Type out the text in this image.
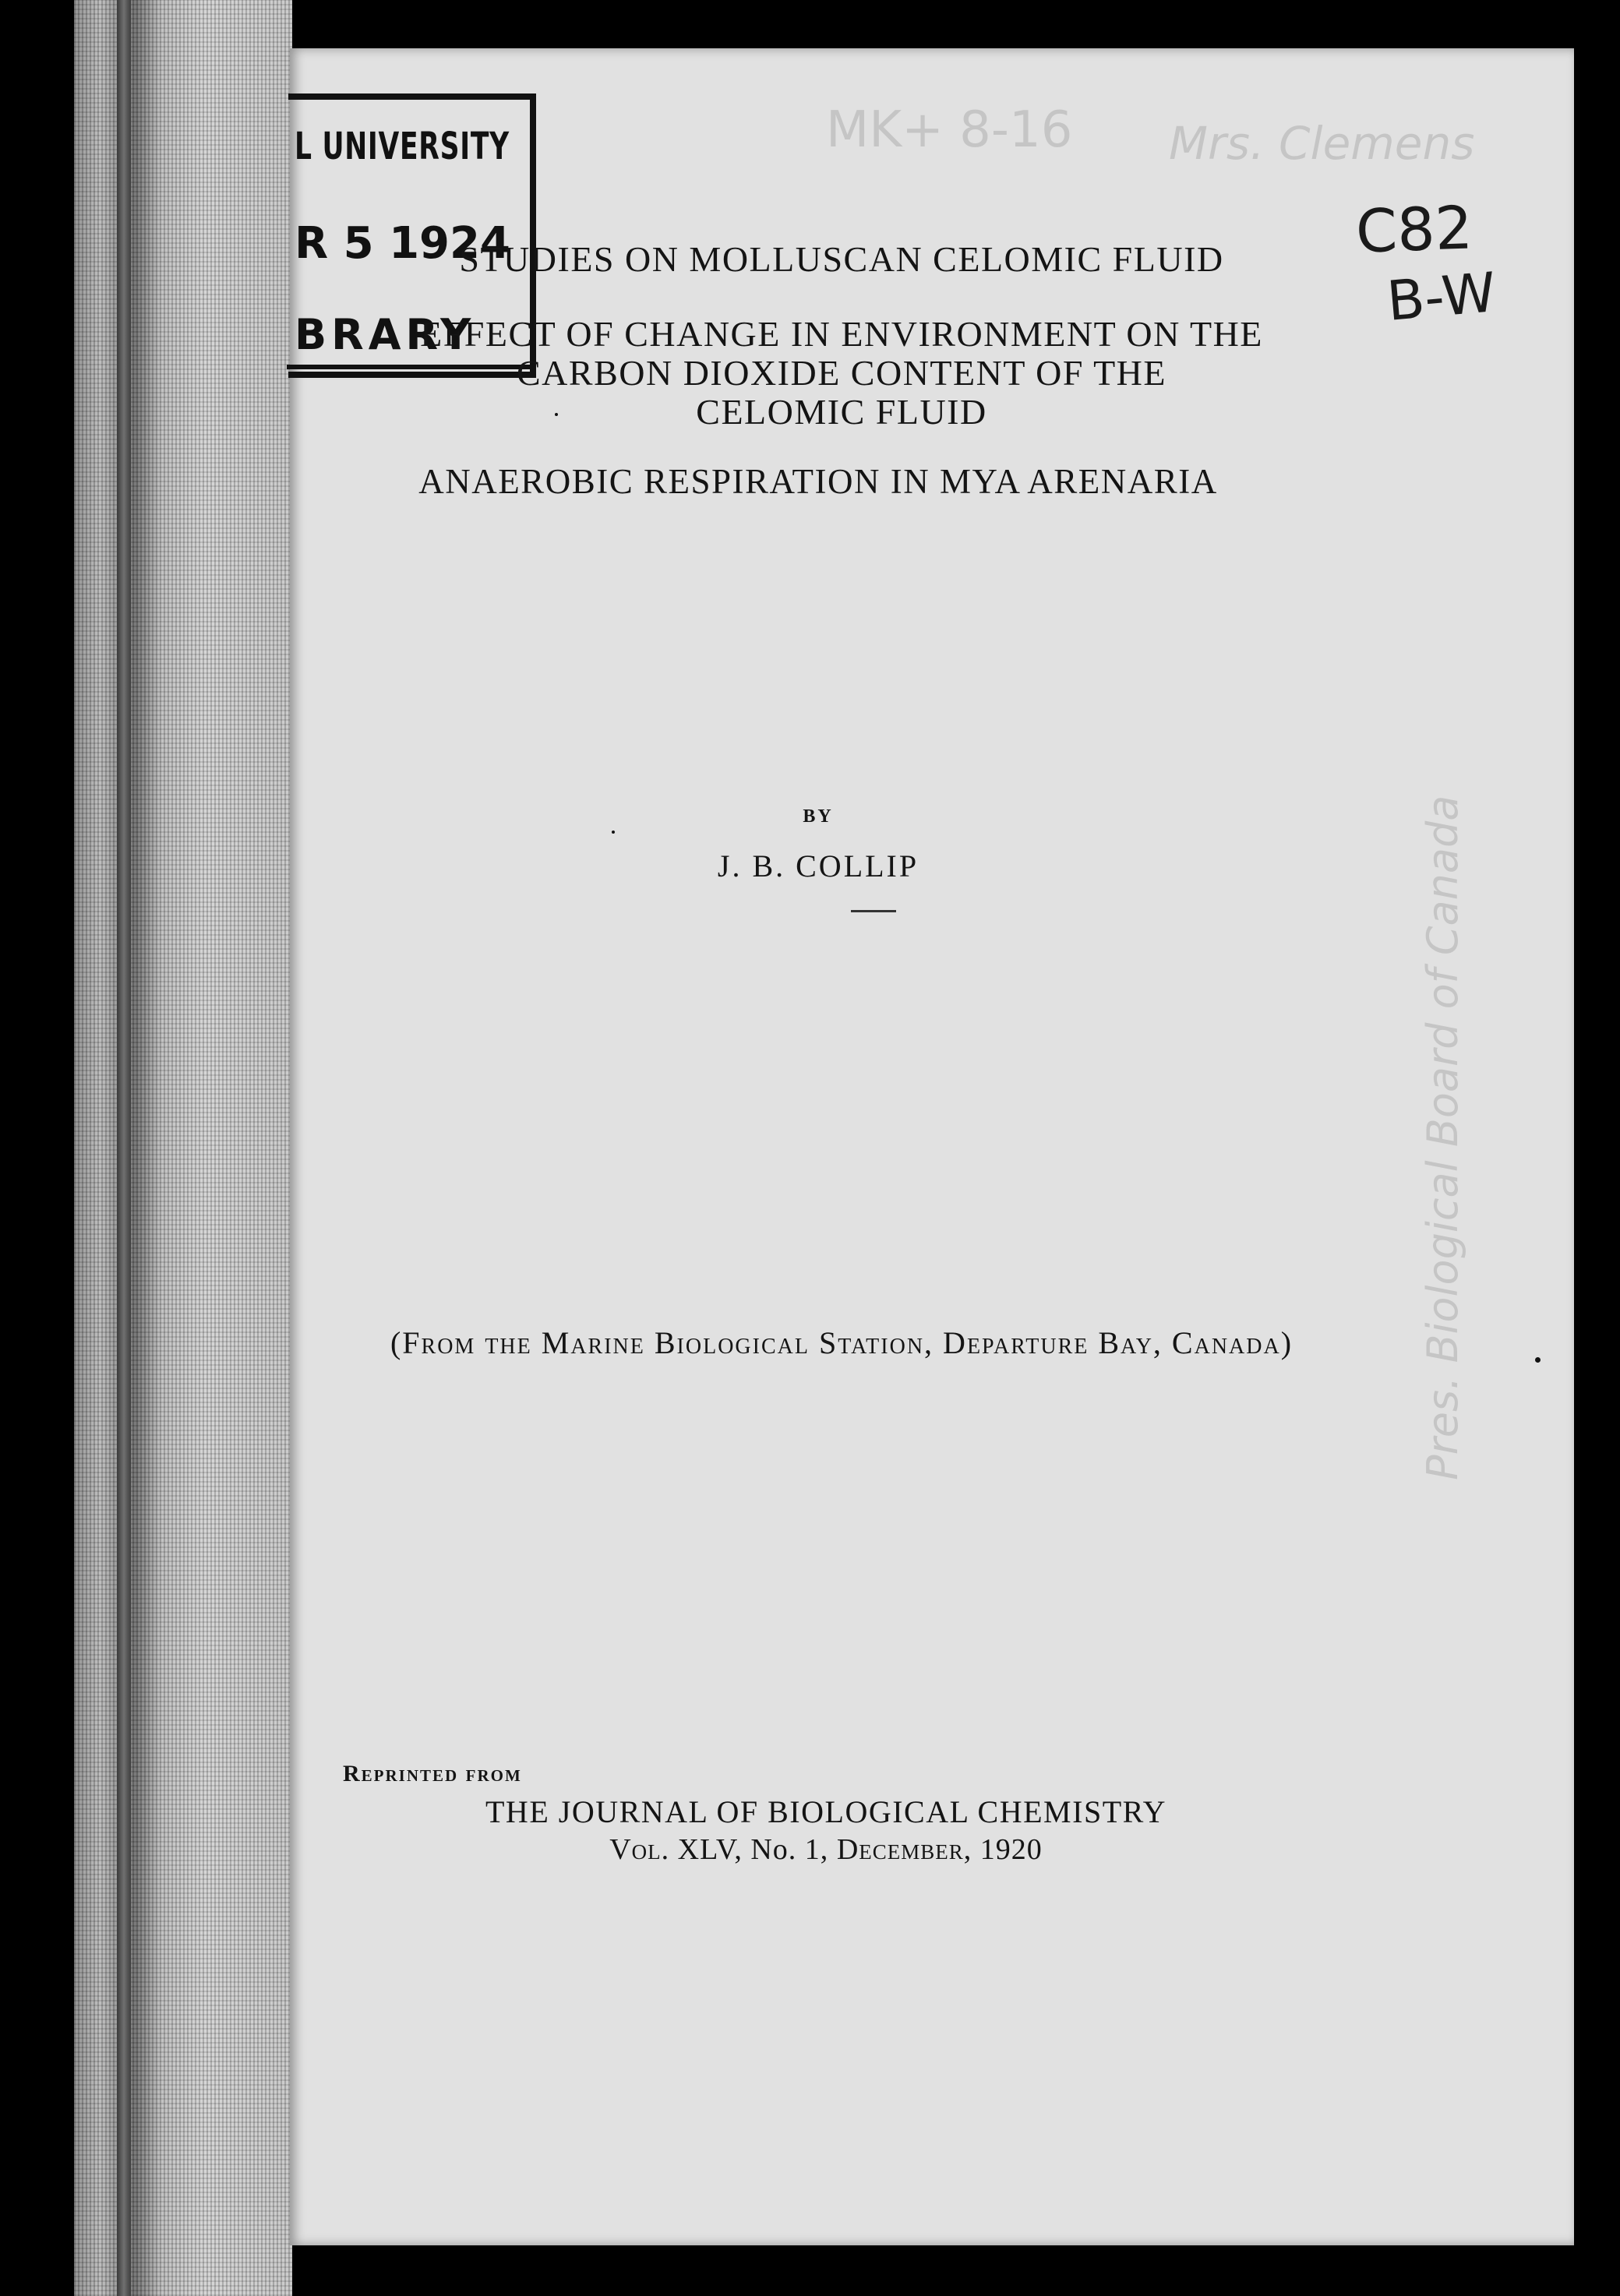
L UNIVERSITY
R 5 1924
BRARY
MK+ 8-16 Mrs. Clemens
Pres. Biological Board of Canada
C82
B-W
STUDIES ON MOLLUSCAN CELOMIC FLUID
EFFECT OF CHANGE IN ENVIRONMENT ON THE
CARBON DIOXIDE CONTENT OF THE
CELOMIC FLUID
ANAEROBIC RESPIRATION IN MYA ARENARIA
BY
J. B. COLLIP
(From the Marine Biological Station, Departure Bay, Canada)
Reprinted from
THE JOURNAL OF BIOLOGICAL CHEMISTRY
Vol. XLV, No. 1, December, 1920
